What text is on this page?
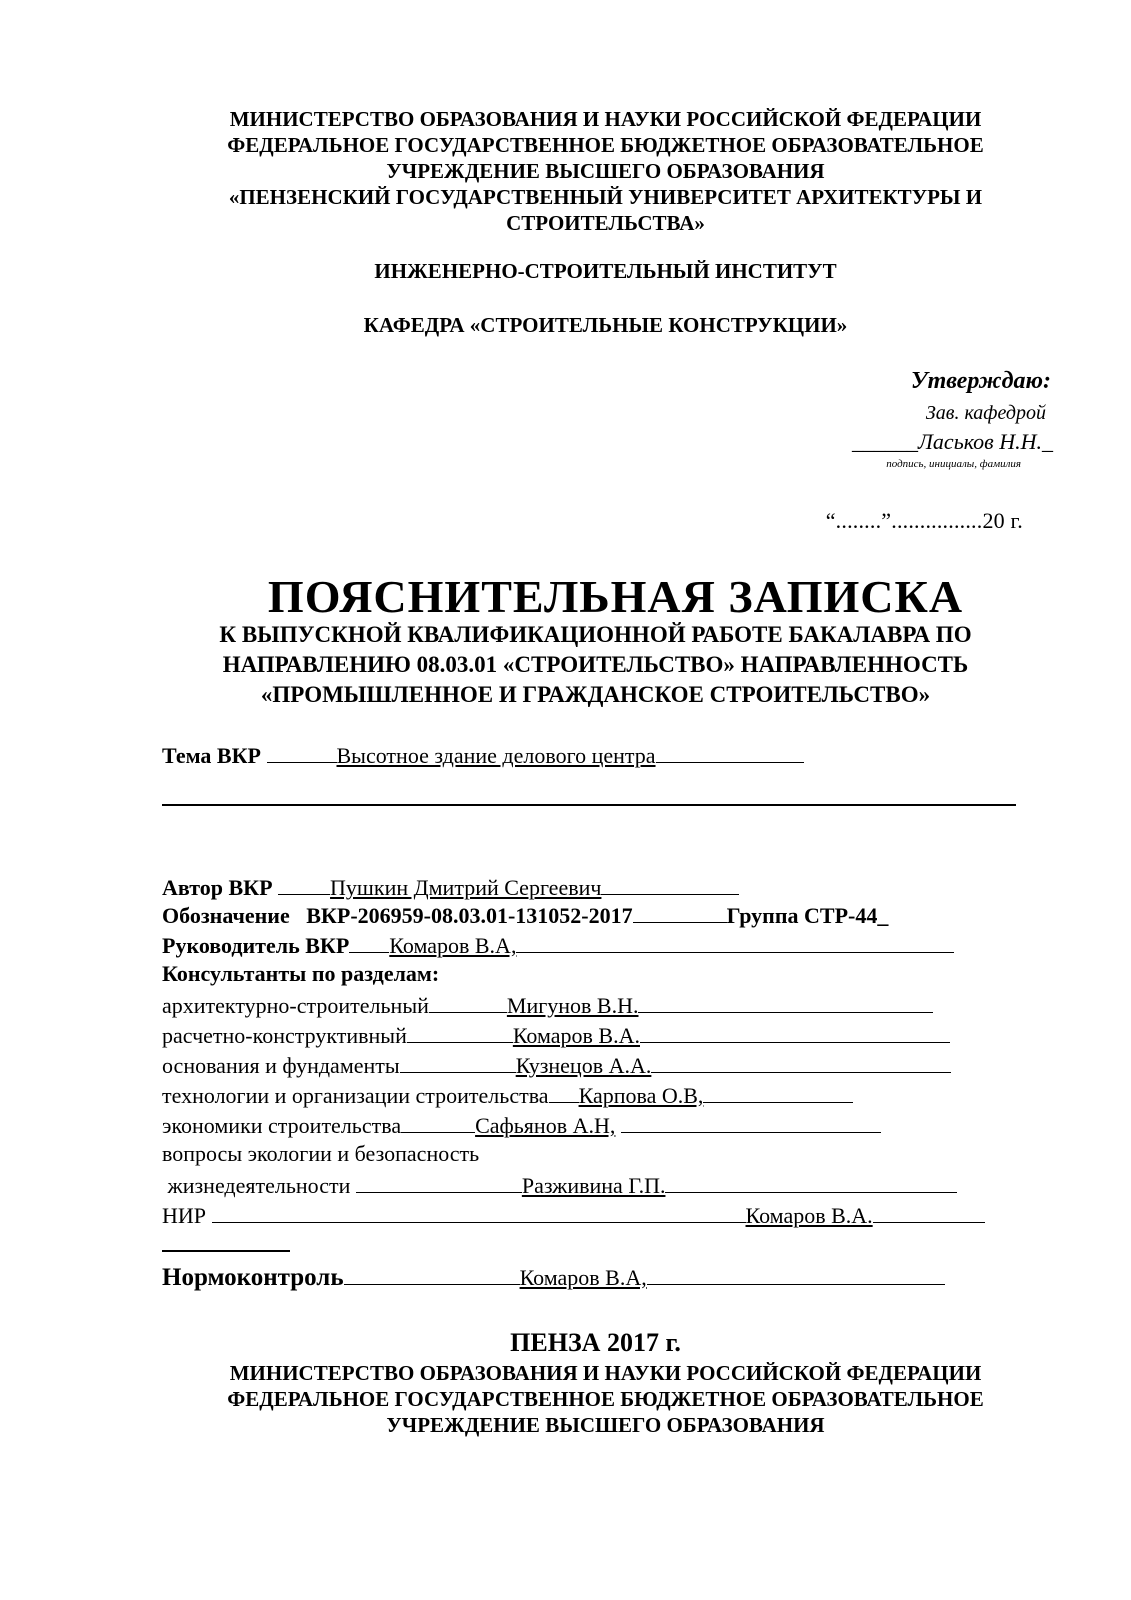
МИНИСТЕРСТВО ОБРАЗОВАНИЯ И НАУКИ РОССИЙСКОЙ ФЕДЕРАЦИИ
ФЕДЕРАЛЬНОЕ ГОСУДАРСТВЕННОЕ БЮДЖЕТНОЕ ОБРАЗОВАТЕЛЬНОЕ
УЧРЕЖДЕНИЕ ВЫСШЕГО ОБРАЗОВАНИЯ
«ПЕНЗЕНСКИЙ ГОСУДАРСТВЕННЫЙ УНИВЕРСИТЕТ АРХИТЕКТУРЫ И
СТРОИТЕЛЬСТВА»
ИНЖЕНЕРНО-СТРОИТЕЛЬНЫЙ ИНСТИТУТ
КАФЕДРА «СТРОИТЕЛЬНЫЕ КОНСТРУКЦИИ»
Утверждаю:
Зав. кафедрой
______Ласьков Н.Н._
подпись, инициалы, фамилия
“........”................20 г.
ПОЯСНИТЕЛЬНАЯ ЗАПИСКА
К ВЫПУСКНОЙ КВАЛИФИКАЦИОННОЙ РАБОТЕ БАКАЛАВРА ПО
НАПРАВЛЕНИЮ 08.03.01 «СТРОИТЕЛЬСТВО» НАПРАВЛЕННОСТЬ
«ПРОМЫШЛЕННОЕ И ГРАЖДАНСКОЕ СТРОИТЕЛЬСТВО»
Тема ВКР	Высотное здание делового центра
Автор ВКР	Пушкин Дмитрий Сергеевич
Обозначение ВКР-206959-08.03.01-131052-2017	Группа СТР-44_
Руководитель ВКР Комаров В.А,
Консультанты по разделам:
архитектурно-строительный	Мигунов В.Н.
расчетно-конструктивный	Комаров В.А.
основания и фундаменты	Кузнецов А.А.
технологии и организации строительства Карпова О.В,
экономики строительства	Сафьянов А.Н,
вопросы экологии и безопасность
жизнедеятельности	Разживина Г.П.
НИР	Комаров В.А.
Нормоконтроль	Комаров В.А,
ПЕНЗА 2017 г.
МИНИСТЕРСТВО ОБРАЗОВАНИЯ И НАУКИ РОССИЙСКОЙ ФЕДЕРАЦИИ
ФЕДЕРАЛЬНОЕ ГОСУДАРСТВЕННОЕ БЮДЖЕТНОЕ ОБРАЗОВАТЕЛЬНОЕ
УЧРЕЖДЕНИЕ ВЫСШЕГО ОБРАЗОВАНИЯ
